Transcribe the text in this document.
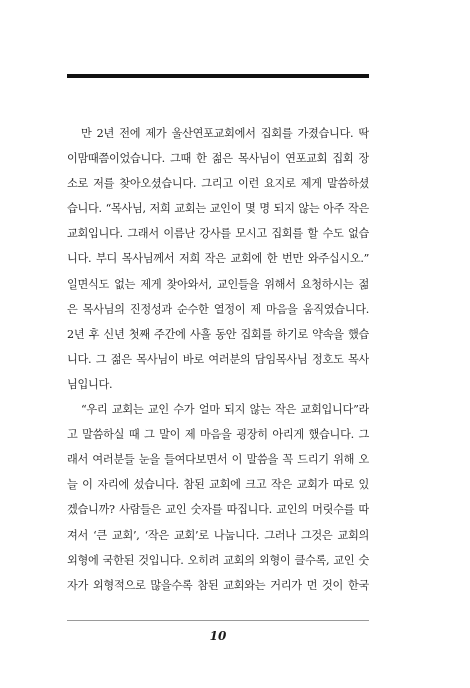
만 2년 전에 제가 울산연포교회에서 집회를 가졌습니다. 딱
이맘때쯤이었습니다. 그때 한 젊은 목사님이 연포교회 집회 장
소로 저를 찾아오셨습니다. 그리고 이런 요지로 제게 말씀하셨
습니다. “목사님, 저희 교회는 교인이 몇 명 되지 않는 아주 작은
교회입니다. 그래서 이름난 강사를 모시고 집회를 할 수도 없습
니다. 부디 목사님께서 저희 작은 교회에 한 번만 와주십시오.”
일면식도 없는 제게 찾아와서, 교인들을 위해서 요청하시는 젊
은 목사님의 진정성과 순수한 열정이 제 마음을 움직였습니다.
2년 후 신년 첫째 주간에 사흘 동안 집회를 하기로 약속을 했습
니다. 그 젊은 목사님이 바로 여러분의 담임목사님 정호도 목사
님입니다.
“우리 교회는 교인 수가 얼마 되지 않는 작은 교회입니다”라
고 말씀하실 때 그 말이 제 마음을 굉장히 아리게 했습니다. 그
래서 여러분들 눈을 들여다보면서 이 말씀을 꼭 드리기 위해 오
늘 이 자리에 섰습니다. 참된 교회에 크고 작은 교회가 따로 있
겠습니까? 사람들은 교인 숫자를 따집니다. 교인의 머릿수를 따
져서 ‘큰 교회’, ‘작은 교회’로 나눕니다. 그러나 그것은 교회의
외형에 국한된 것입니다. 오히려 교회의 외형이 클수록, 교인 숫
자가 외형적으로 많을수록 참된 교회와는 거리가 먼 것이 한국
10
